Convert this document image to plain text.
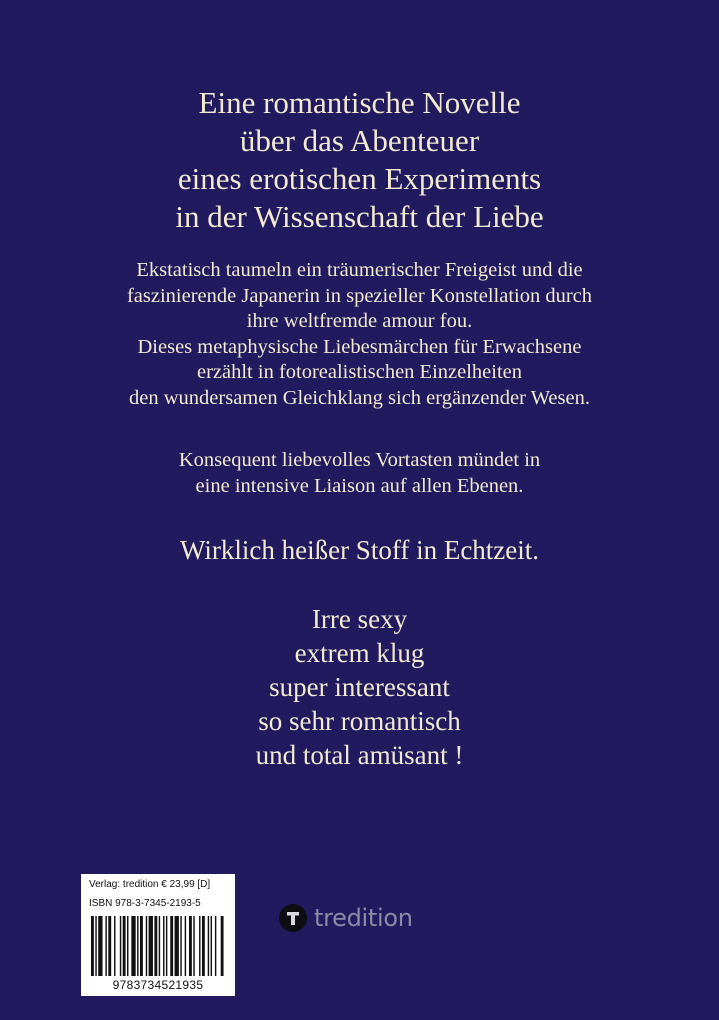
Eine romantische Novelle
über das Abenteuer
eines erotischen Experiments
in der Wissenschaft der Liebe
Ekstatisch taumeln ein träumerischer Freigeist und die
faszinierende Japanerin in spezieller Konstellation durch
ihre weltfremde amour fou.
Dieses metaphysische Liebesmärchen für Erwachsene
erzählt in fotorealistischen Einzelheiten
den wundersamen Gleichklang sich ergänzender Wesen.
Konsequent liebevolles Vortasten mündet in
eine intensive Liaison auf allen Ebenen.
Wirklich heißer Stoff in Echtzeit.
Irre sexy
extrem klug
super interessant
so sehr romantisch
und total amüsant !
Verlag: tredition € 23,99 [D]
ISBN 978-3-7345-2193-5
9783734521935
tredition
